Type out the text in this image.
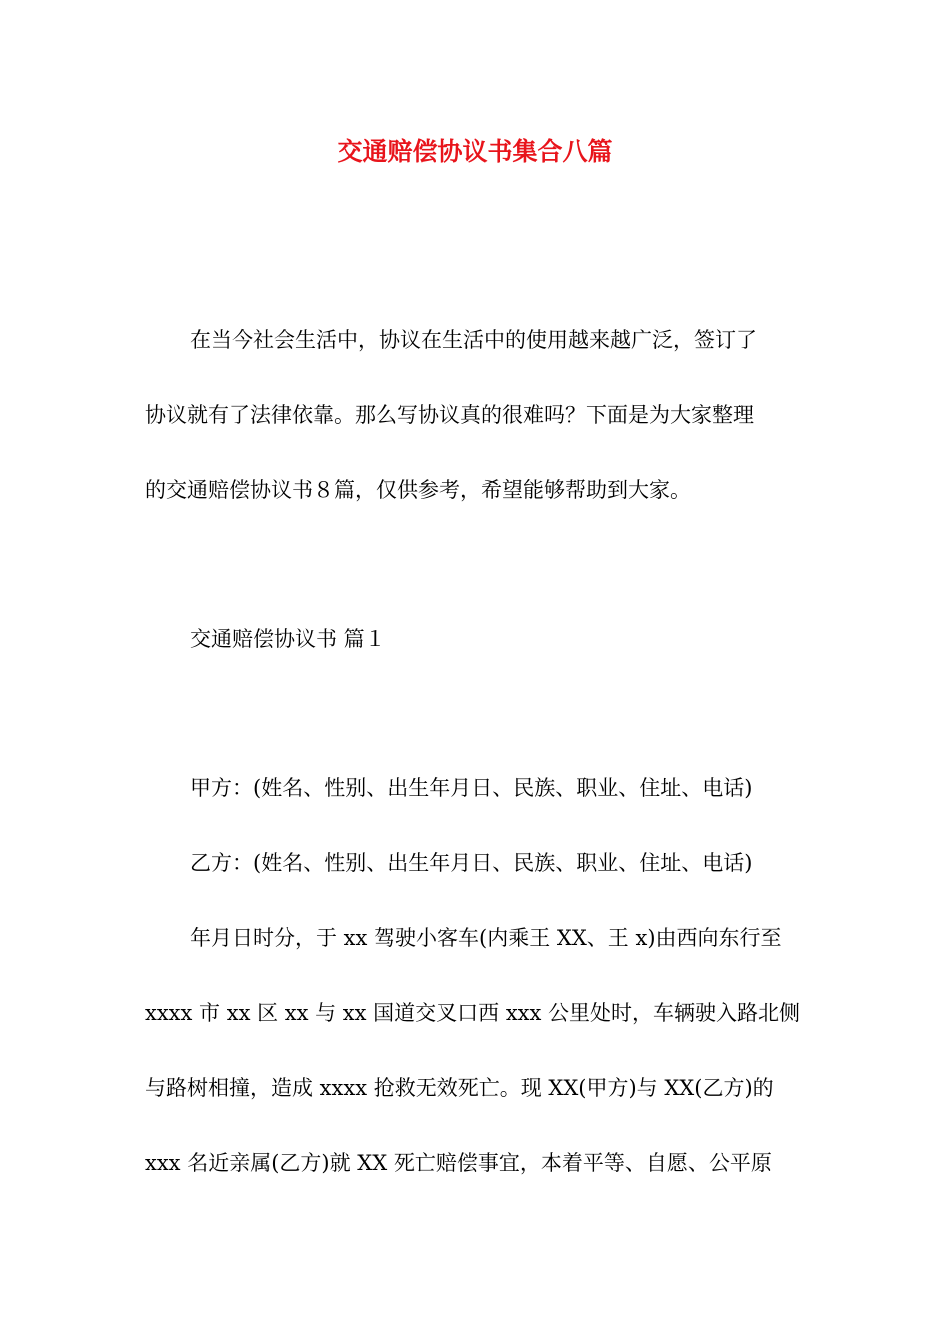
交通赔偿协议书集合八篇
在当今社会生活中，协议在生活中的使用越来越广泛，签订了
协议就有了法律依靠。那么写协议真的很难吗？下面是为大家整理
的交通赔偿协议书８篇，仅供参考，希望能够帮助到大家。
交通赔偿协议书 篇１
甲方：(姓名、性别、出生年月日、民族、职业、住址、电话)
乙方：(姓名、性别、出生年月日、民族、职业、住址、电话)
年月日时分，于 xx 驾驶小客车(内乘王 XX、王 x)由西向东行至
xxxx 市 xx 区 xx 与 xx 国道交叉口西 xxx 公里处时，车辆驶入路北侧
与路树相撞，造成 xxxx 抢救无效死亡。现 XX(甲方)与 XX(乙方)的
xxx 名近亲属(乙方)就 XX 死亡赔偿事宜，本着平等、自愿、公平原
